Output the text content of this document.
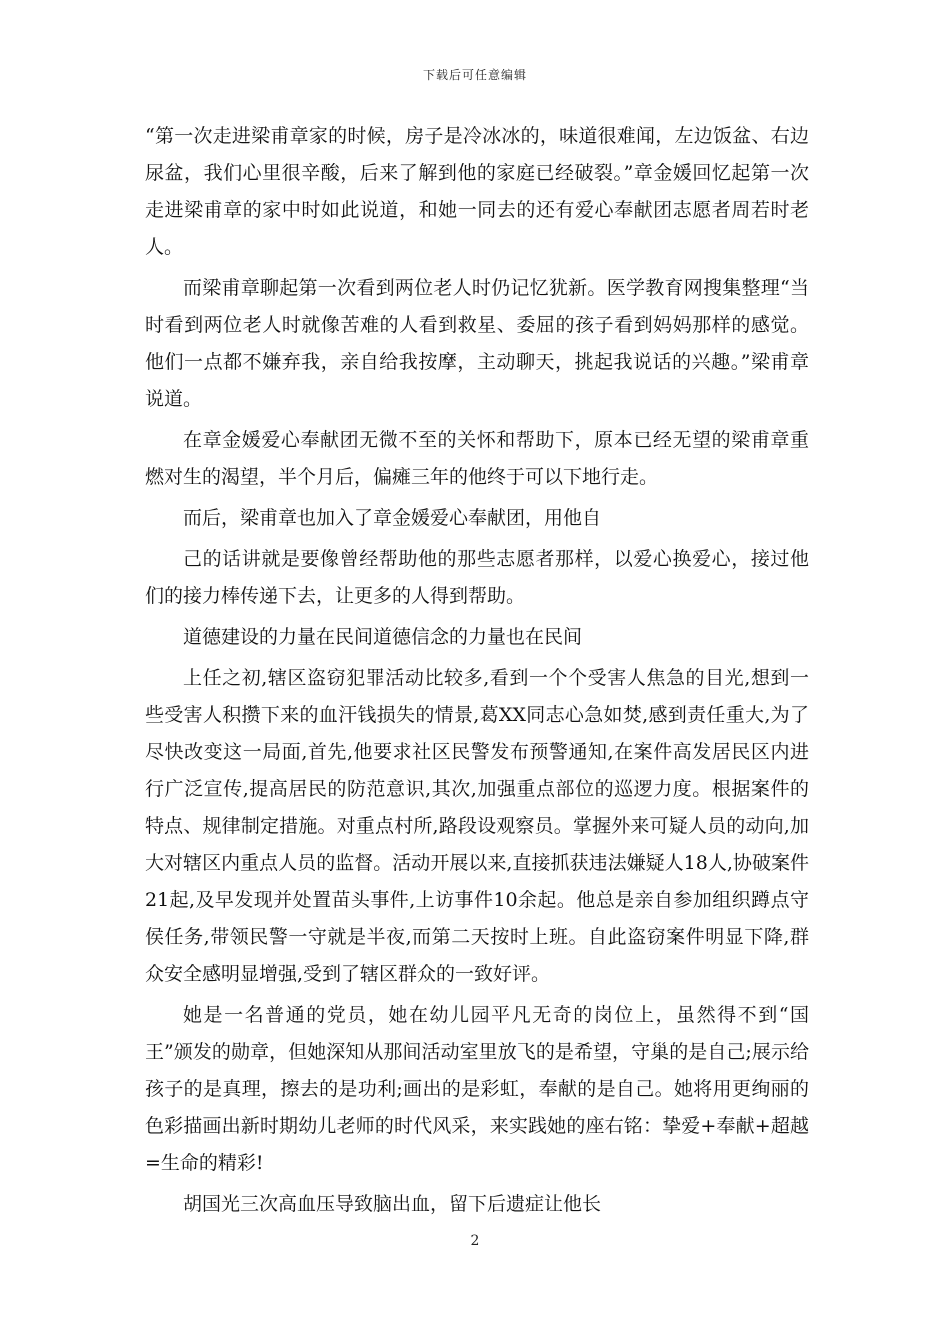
下载后可任意编辑

“第一次走进梁甫章家的时候，房子是冷冰冰的，味道很难闻，左边饭盆、右边尿盆，我们心里很辛酸，后来了解到他的家庭已经破裂。”章金媛回忆起第一次走进梁甫章的家中时如此说道，和她一同去的还有爱心奉献团志愿者周若时老人。

而梁甫章聊起第一次看到两位老人时仍记忆犹新。医学教育网搜集整理“当时看到两位老人时就像苦难的人看到救星、委屈的孩子看到妈妈那样的感觉。他们一点都不嫌弃我，亲自给我按摩，主动聊天，挑起我说话的兴趣。”梁甫章说道。

在章金媛爱心奉献团无微不至的关怀和帮助下，原本已经无望的梁甫章重燃对生的渴望，半个月后，偏瘫三年的他终于可以下地行走。

而后，梁甫章也加入了章金媛爱心奉献团，用他自

己的话讲就是要像曾经帮助他的那些志愿者那样，以爱心换爱心，接过他们的接力棒传递下去，让更多的人得到帮助。

道德建设的力量在民间道德信念的力量也在民间

上任之初,辖区盗窃犯罪活动比较多,看到一个个受害人焦急的目光,想到一些受害人积攒下来的血汗钱损失的情景,葛XX同志心急如焚,感到责任重大,为了尽快改变这一局面,首先,他要求社区民警发布预警通知,在案件高发居民区内进行广泛宣传,提高居民的防范意识,其次,加强重点部位的巡逻力度。根据案件的特点、规律制定措施。对重点村所,路段设观察员。掌握外来可疑人员的动向,加大对辖区内重点人员的监督。活动开展以来,直接抓获违法嫌疑人18人,协破案件21起,及早发现并处置苗头事件,上访事件10余起。他总是亲自参加组织蹲点守侯任务,带领民警一守就是半夜,而第二天按时上班。自此盗窃案件明显下降,群众安全感明显增强,受到了辖区群众的一致好评。

她是一名普通的党员，她在幼儿园平凡无奇的岗位上，虽然得不到“国王”颁发的勋章，但她深知从那间活动室里放飞的是希望，守巢的是自己;展示给孩子的是真理，擦去的是功利;画出的是彩虹，奉献的是自己。她将用更绚丽的色彩描画出新时期幼儿老师的时代风采，来实践她的座右铭：挚爱+奉献+超越=生命的精彩!

胡国光三次高血压导致脑出血，留下后遗症让他长

2
